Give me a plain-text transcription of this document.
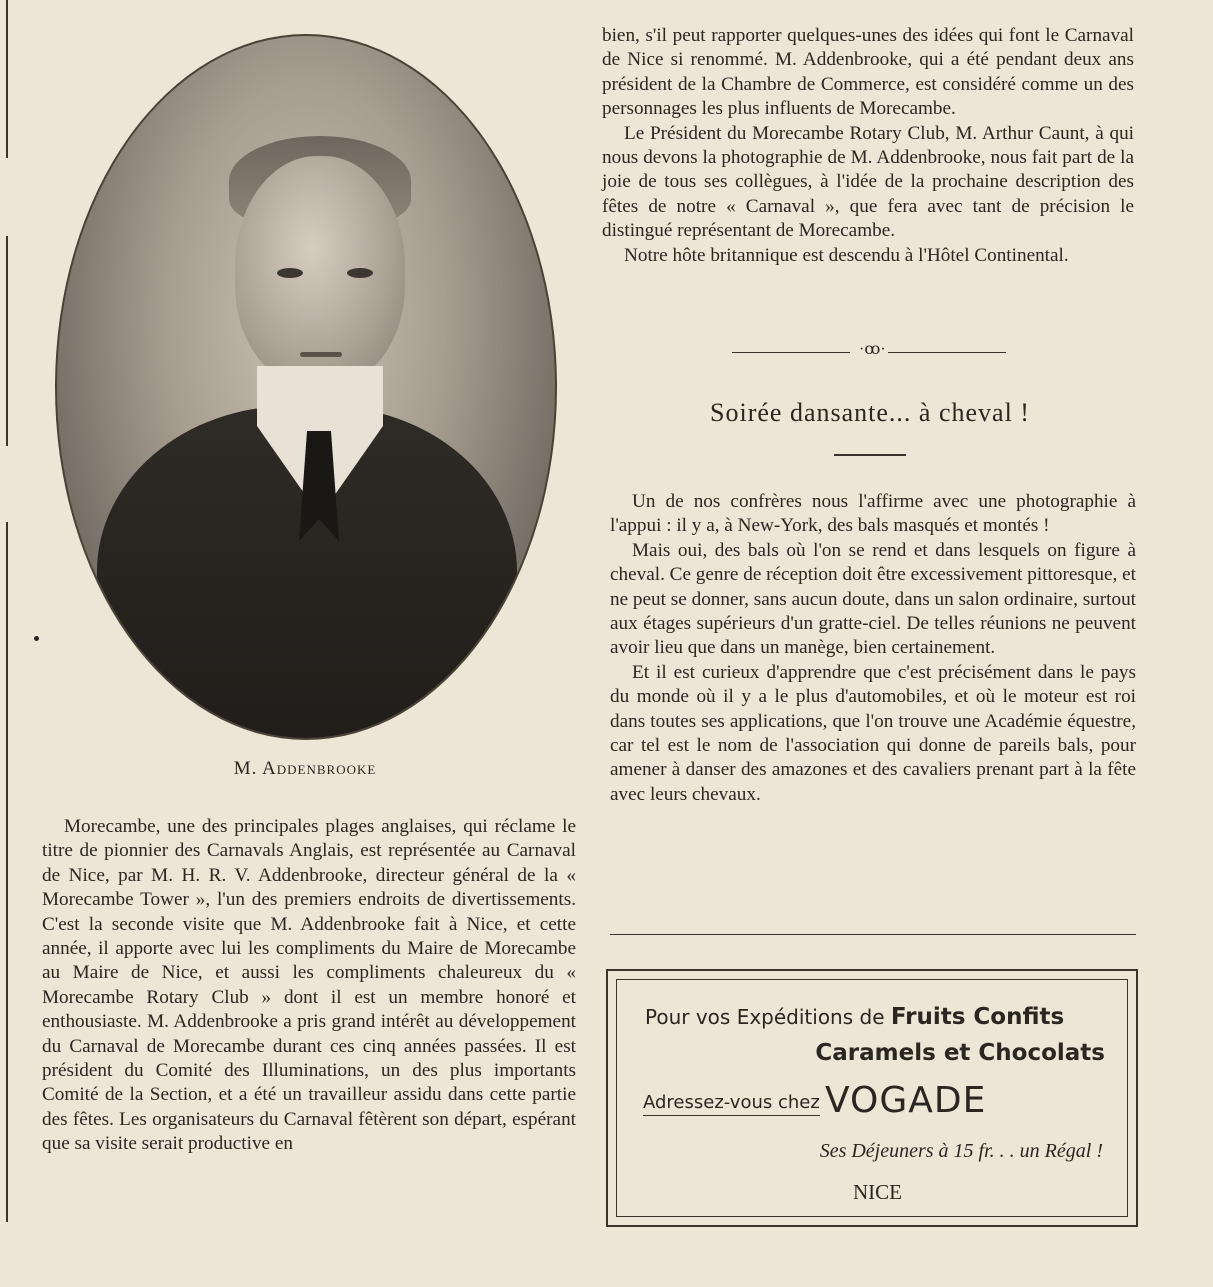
M. Addenbrooke

Morecambe, une des principales plages anglaises, qui réclame le titre de pionnier des Carnavals Anglais, est représentée au Carnaval de Nice, par M. H. R. V. Addenbrooke, directeur général de la « Morecambe Tower », l'un des premiers endroits de divertissements. C'est la seconde visite que M. Addenbrooke fait à Nice, et cette année, il apporte avec lui les compliments du Maire de Morecambe au Maire de Nice, et aussi les compliments chaleureux du « Morecambe Rotary Club » dont il est un membre honoré et enthousiaste. M. Addenbrooke a pris grand intérêt au développement du Carnaval de Morecambe durant ces cinq années passées. Il est président du Comité des Illuminations, un des plus importants Comité de la Section, et a été un travailleur assidu dans cette partie des fêtes. Les organisateurs du Carnaval fêtèrent son départ, espérant que sa visite serait productive en

bien, s'il peut rapporter quelques-unes des idées qui font le Carnaval de Nice si renommé. M. Addenbrooke, qui a été pendant deux ans président de la Chambre de Commerce, est considéré comme un des personnages les plus influents de Morecambe.

Le Président du Morecambe Rotary Club, M. Arthur Caunt, à qui nous devons la photographie de M. Addenbrooke, nous fait part de la joie de tous ses collègues, à l'idée de la prochaine description des fêtes de notre « Carnaval », que fera avec tant de précision le distingué représentant de Morecambe.

Notre hôte britannique est descendu à l'Hôtel Continental.

·ꝏ·
Soirée dansante... à cheval !

Un de nos confrères nous l'affirme avec une photographie à l'appui : il y a, à New-York, des bals masqués et montés !

Mais oui, des bals où l'on se rend et dans lesquels on figure à cheval. Ce genre de réception doit être excessivement pittoresque, et ne peut se donner, sans aucun doute, dans un salon ordinaire, surtout aux étages supérieurs d'un gratte-ciel. De telles réunions ne peuvent avoir lieu que dans un manège, bien certainement.

Et il est curieux d'apprendre que c'est précisément dans le pays du monde où il y a le plus d'automobiles, et où le moteur est roi dans toutes ses applications, que l'on trouve une Académie équestre, car tel est le nom de l'association qui donne de pareils bals, pour amener à danser des amazones et des cavaliers prenant part à la fête avec leurs chevaux.

Pour vos Expéditions de Fruits Confits
Caramels et Chocolats
Adressez-vous chez VOGADE
Ses Déjeuners à 15 fr. . . un Régal !
NICE
